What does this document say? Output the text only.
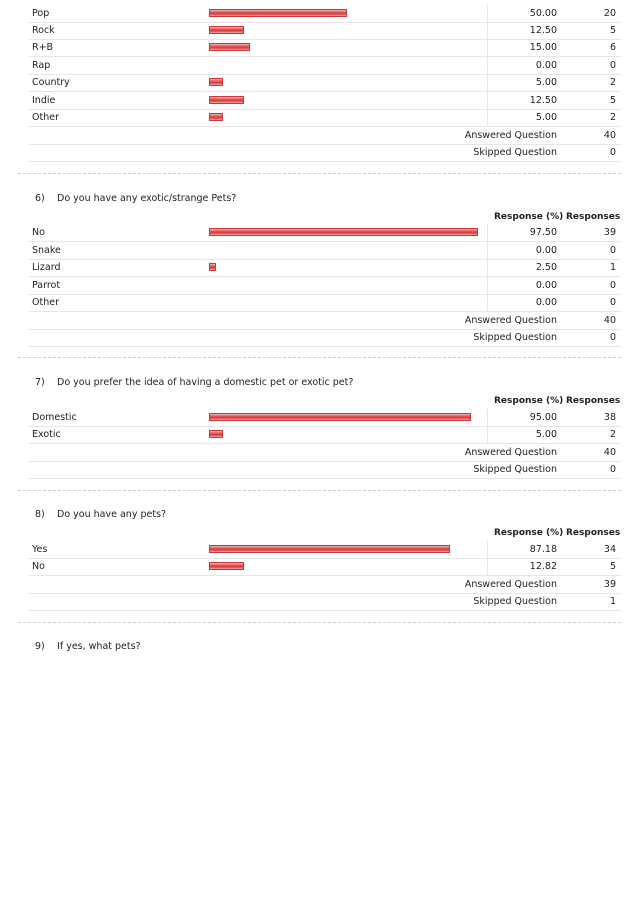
Pop	50.00	20
Rock	12.50	5
R+B	15.00	6
Rap	0.00	0
Country	5.00	2
Indie	12.50	5
Other	5.00	2
Answered Question	40
Skipped Question	0
6) Do you have any exotic/strange Pets?
Response (%) Responses
No	97.50	39
Snake	0.00	0
Lizard	2.50	1
Parrot	0.00	0
Other	0.00	0
Answered Question	40
Skipped Question	0
7) Do you prefer the idea of having a domestic pet or exotic pet?
Response (%) Responses
Domestic	95.00	38
Exotic	5.00	2
Answered Question	40
Skipped Question	0
8) Do you have any pets?
Response (%) Responses
Yes	87.18	34
No	12.82	5
Answered Question	39
Skipped Question	1
9) If yes, what pets?
